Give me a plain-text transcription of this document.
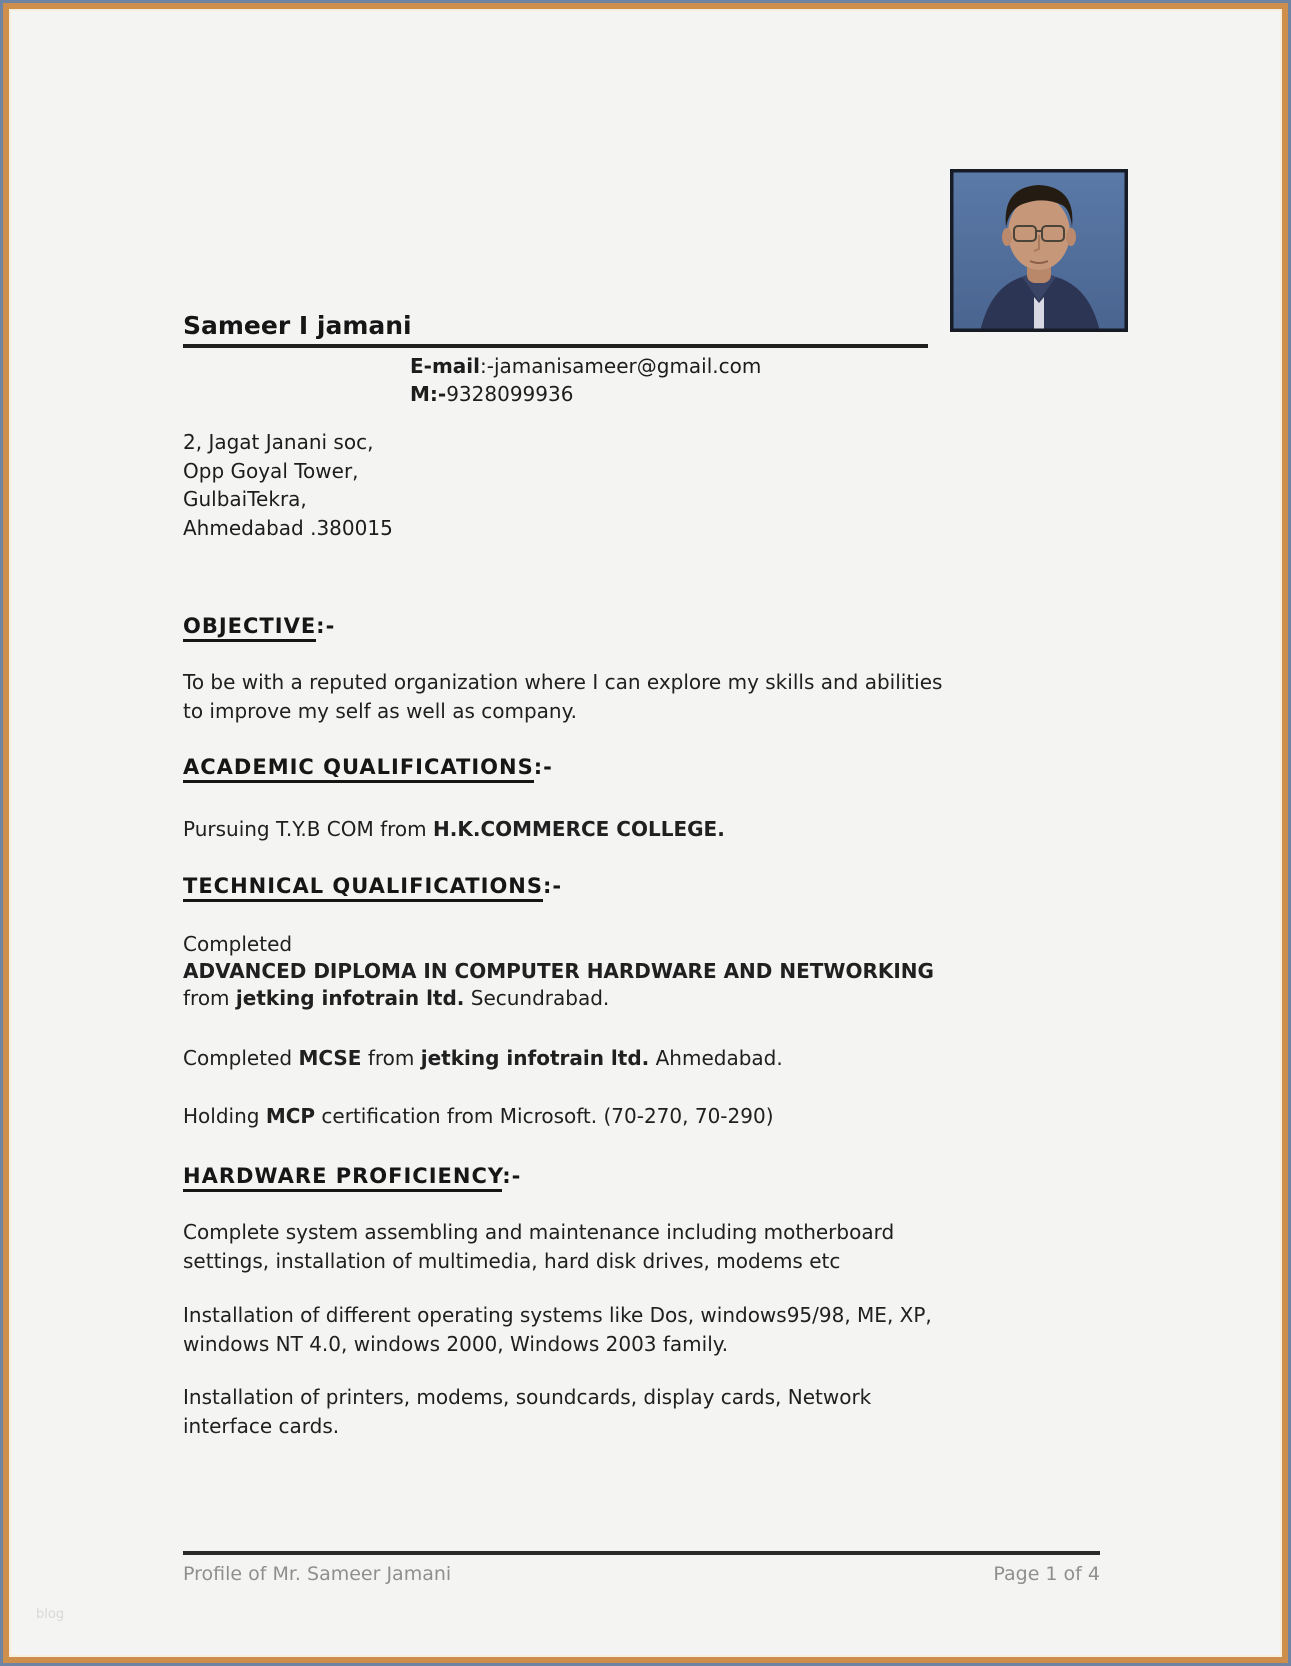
Sameer I jamani
E-mail:-jamanisameer@gmail.com
M:-9328099936
2, Jagat Janani soc,
Opp Goyal Tower,
GulbaiTekra,
Ahmedabad .380015
OBJECTIVE:-
To be with a reputed organization where I can explore my skills and abilities
to improve my self as well as company.
ACADEMIC QUALIFICATIONS:-
Pursuing T.Y.B COM from H.K.COMMERCE COLLEGE.
TECHNICAL QUALIFICATIONS:-
Completed
ADVANCED DIPLOMA IN COMPUTER HARDWARE AND NETWORKING
from jetking infotrain ltd. Secundrabad.
Completed MCSE from jetking infotrain ltd. Ahmedabad.
Holding MCP certification from Microsoft. (70-270, 70-290)
HARDWARE PROFICIENCY:-
Complete system assembling and maintenance including motherboard
settings, installation of multimedia, hard disk drives, modems etc
Installation of different operating systems like Dos, windows95/98, ME, XP,
windows NT 4.0, windows 2000, Windows 2003 family.
Installation of printers, modems, soundcards, display cards, Network
interface cards.
Profile of Mr. Sameer Jamani	Page 1 of 4
blog
